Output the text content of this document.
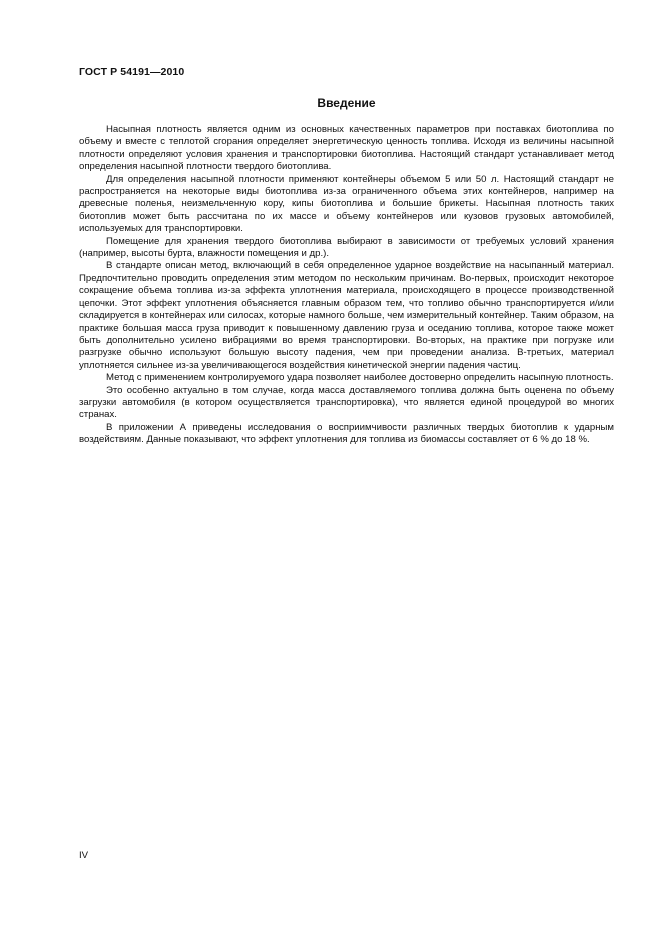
ГОСТ Р 54191—2010
Введение

Насыпная плотность является одним из основных качественных параметров при поставках биотоплива по объему и вместе с теплотой сгорания определяет энергетическую ценность топлива. Исходя из величины насыпной плотности определяют условия хранения и транспортировки биотоплива. Настоящий стандарт устанавливает метод определения насыпной плотности твердого биотоплива.

Для определения насыпной плотности применяют контейнеры объемом 5 или 50 л. Настоящий стандарт не распространяется на некоторые виды биотоплива из-за ограниченного объема этих контейнеров, например на древесные поленья, неизмельченную кору, кипы биотоплива и большие брикеты. Насыпная плотность таких биотоплив может быть рассчитана по их массе и объему контейнеров или кузовов грузовых автомобилей, используемых для транспортировки.

Помещение для хранения твердого биотоплива выбирают в зависимости от требуемых условий хранения (например, высоты бурта, влажности помещения и др.).

В стандарте описан метод, включающий в себя определенное ударное воздействие на насыпанный материал. Предпочтительно проводить определения этим методом по нескольким причинам. Во-первых, происходит некоторое сокращение объема топлива из-за эффекта уплотнения материала, происходящего в процессе производственной цепочки. Этот эффект уплотнения объясняется главным образом тем, что топливо обычно транспортируется и/или складируется в контейнерах или силосах, которые намного больше, чем измерительный контейнер. Таким образом, на практике большая масса груза приводит к повышенному давлению груза и оседанию топлива, которое также может быть дополнительно усилено вибрациями во время транспортировки. Во-вторых, на практике при погрузке или разгрузке обычно используют большую высоту падения, чем при проведении анализа. В-третьих, материал уплотняется сильнее из-за увеличивающегося воздействия кинетической энергии падения частиц.

Метод с применением контролируемого удара позволяет наиболее достоверно определить насыпную плотность.

Это особенно актуально в том случае, когда масса доставляемого топлива должна быть оценена по объему загрузки автомобиля (в котором осуществляется транспортировка), что является единой процедурой во многих странах.

В приложении А приведены исследования о восприимчивости различных твердых биотоплив к ударным воздействиям. Данные показывают, что эффект уплотнения для топлива из биомассы составляет от 6 % до 18 %.

IV
